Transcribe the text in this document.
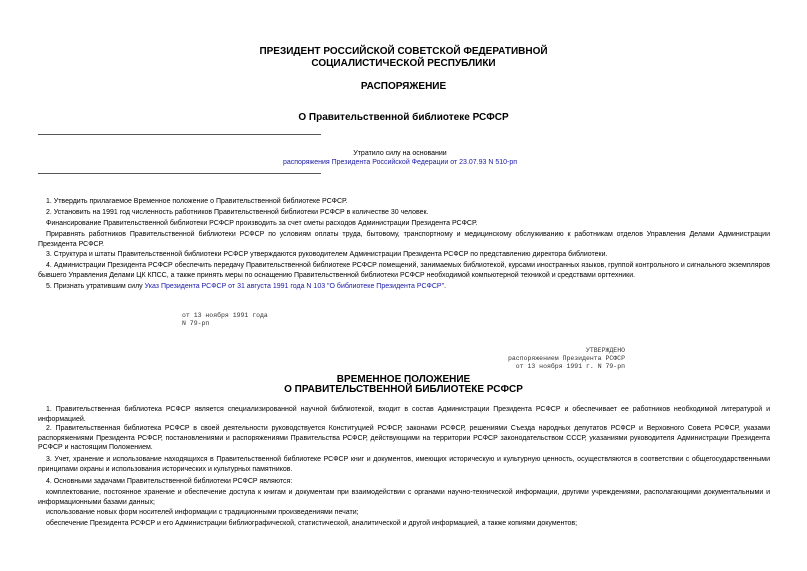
ПРЕЗИДЕНТ РОССИЙСКОЙ СОВЕТСКОЙ ФЕДЕРАТИВНОЙ
СОЦИАЛИСТИЧЕСКОЙ РЕСПУБЛИКИ
РАСПОРЯЖЕНИЕ
О Правительственной библиотеке РСФСР
Утратило силу на основании
распоряжения Президента Российской Федерации от 23.07.93 N 510-рп
1. Утвердить прилагаемое Временное положение о Правительственной библиотеке РСФСР.
2. Установить на 1991 год численность работников Правительственной библиотеки РСФСР в количестве 30 человек.
Финансирование Правительственной библиотеки РСФСР производить за счет сметы расходов Администрации Президента РСФСР.
Приравнять работников Правительственной библиотеки РСФСР по условиям оплаты труда, бытовому, транспортному и медицинскому обслуживанию к работникам отделов Управления Делами Администрации Президента РСФСР.
3. Структура и штаты Правительственной библиотеки РСФСР утверждаются руководителем Администрации Президента РСФСР по представлению директора библиотеки.
4. Администрации Президента РСФСР обеспечить передачу Правительственной библиотеке РСФСР помещений, занимаемых библиотекой, курсами иностранных языков, группой контрольного и сигнального экземпляров бывшего Управления Делами ЦК КПСС, а также принять меры по оснащению Правительственной библиотеки РСФСР необходимой компьютерной техникой и средствами оргтехники.
5. Признать утратившим силу Указ Президента РСФСР от 31 августа 1991 года N 103 "О библиотеке Президента РСФСР".
от 13 ноября 1991 года
N 79-рп
УТВЕРЖДЕНО
распоряжением Президента РСФСР
от 13 ноября 1991 г. N 79-рп
ВРЕМЕННОЕ ПОЛОЖЕНИЕ
О ПРАВИТЕЛЬСТВЕННОЙ БИБЛИОТЕКЕ РСФСР
1. Правительственная библиотека РСФСР является специализированной научной библиотекой, входит в состав Администрации Президента РСФСР и обеспечивает ее работников необходимой литературой и информацией.
2. Правительственная библиотека РСФСР в своей деятельности руководствуется Конституцией РСФСР, законами РСФСР, решениями Съезда народных депутатов РСФСР и Верховного Совета РСФСР, указами распоряжениями Президента РСФСР, постановлениями и распоряжениями Правительства РСФСР, действующими на территории РСФСР законодательством СССР, указаниями руководителя Администрации Президента РСФСР и настоящим Положением.
3. Учет, хранение и использование находящихся в Правительственной библиотеке РСФСР книг и документов, имеющих историческую и культурную ценность, осуществляются в соответствии с общегосударственными принципами охраны и использования исторических и культурных памятников.
4. Основными задачами Правительственной библиотеки РСФСР являются:
комплектование, постоянное хранение и обеспечение доступа к книгам и документам при взаимодействии с органами научно-технической информации, другими учреждениями, располагающими документальными и информационными базами данных;
использование новых форм носителей информации с традиционными произведениями печати;
обеспечение Президента РСФСР и его Администрации библиографической, статистической, аналитической и другой информацией, а также копиями документов;
